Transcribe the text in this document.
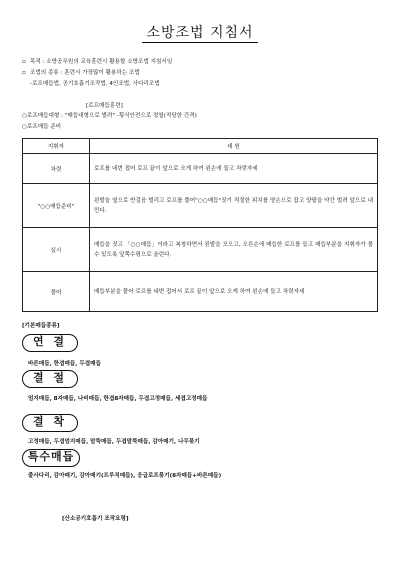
소방조법 지침서
▫ 목적 : 소방공무원의 교육훈련시 활용할 소방조법 지침서임
▫ 조법의 종류 : 훈련시 가장많이 활용하는 조법
-로프매듭법, 공기호흡기조작법, 4인조법, 사다리조법
[로프매듭훈련]
○로프매듭대형 : "매듭대형으로 벌려" -횡식안전으로 정열(적당한 간격)
○로프매듭 준비
지휘자	대 원
차렷	로프를 네번 접어 로프 끝이 앞으로 오게 하여 왼손에 들고 차렷자세
"○○매듭준비"	왼발을 옆으로 반걸음 벌리고 로프를 풀어"○○매듭"짓기 적절한 위치를 양손으로 잡고 양팔을 약간 벌려 앞으로 내민다.
실시	매듭을 짓고 「○○매듭」이라고 복창하면서 왼발을 모으고, 오른손에 매듭한 로프를 들고 매듭부분을 지휘자가 볼 수 있도록 앞쪽수평으로 올린다.
풀어	매듭부분을 풀어 로프를 네번 접어서 로프 끝이 앞으로 오게 하여 왼손에 들고 차렷자세
[기본매듭종류]
연 결
바른매듭, 한겹매듭, 두겹매듭
결 절
엄지매듭, 8자매듭, 나비매듭, 한겹8자매듭, 두겹고정매듭, 세겹고정매듭
결 착
고정매듭, 두겹엄지매듭, 말뚝매듭, 두겹말뚝매듭, 감아매기, 나무묶기
특수매듭
줄사다리, 감아매기, 감아매기(프루직매듭), 응급로프묶기(8자매듭+바른매듭)
[산소공기호흡기 조작요령]
